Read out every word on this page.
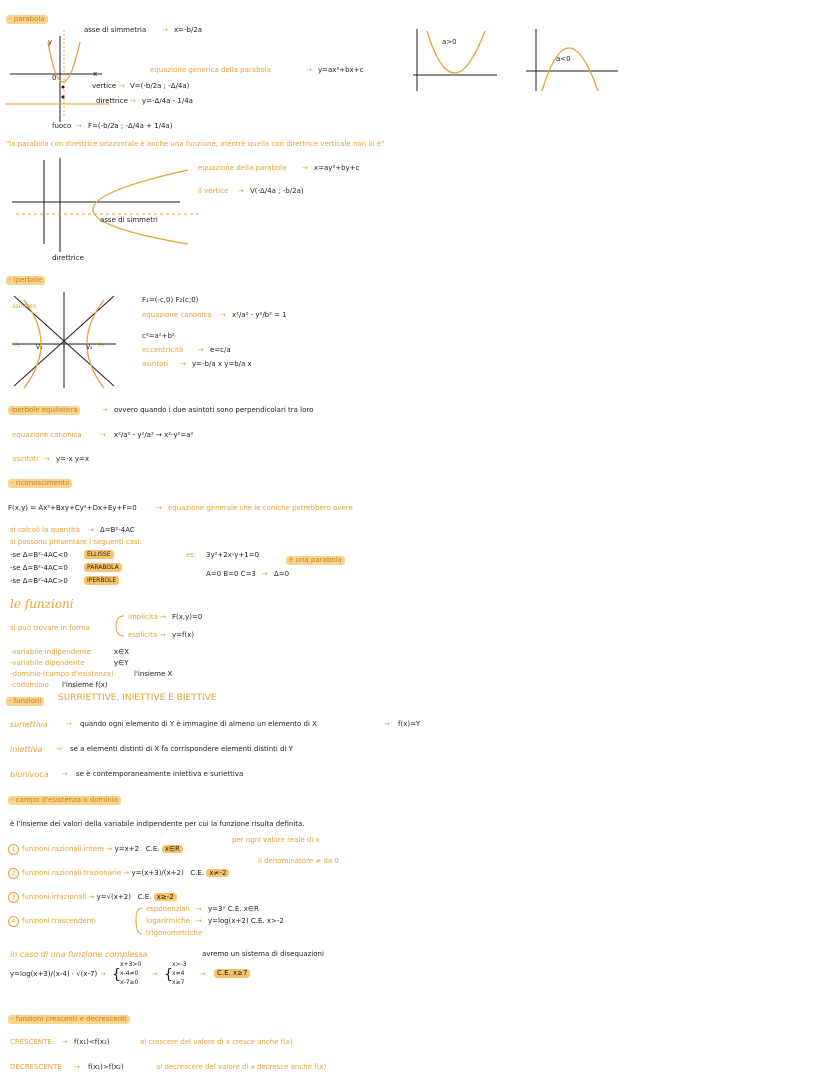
- parabola
y
x
0
asse di simmetria → x=-b/2a
equazione generica della parabola	→ y=ax²+bx+c
vertice → V=(-b/2a ; -Δ/4a)
direttrice → y=-Δ/4a - 1/4a
fuoco → F=(-b/2a ; -Δ/4a + 1/4a)
a>0
a<0
"la parabola con direttrice orizzontale è anche una funzione, mentre quella con direttrice verticale non lo è"
equazione della parabola → x=ay²+by+c
il vertice → V(-Δ/4a ; -b/2a)
asse di simmetri
direttrice
- iperbole
asintoto
V₁	V₂
F₁	F₂
F₁=(-c,0) F₂(c;0)
equazione canonica → x²/a² - y²/b² = 1
c²=a²+b²
eccentricità → e=c/a
asintoti → y=-b/a x y=b/a x
iperbole equilatera	→ ovvero quando i due asintoti sono perpendicolari tra loro
equazione canonica	→ x²/a² - y²/a² → x²-y²=a²
asintoti → y=-x y=x
- riconoscimento
F(x,y) = Ax²+Bxy+Cy²+Dx+Ey+F=0	→ equazione generale che le coniche potrebbero avere
si calcoli la quantità → Δ=B²-4AC
si possono presentare i seguenti casi:
-se Δ=B²-4AC<0	ELLISSE
-se Δ=B²-4AC=0	PARABOLA
-se Δ=B²-4AC>0	IPERBOLE
es: 3y²+2x-y+1=0
è una parabola
A=0 B=0 C=3 → Δ=0
le funzioni
si può trovare in forma
implicita → F(x,y)=0
esplicita → y=f(x)
-variabile indipendente	x∈X
-variabile dipendente	y∈Y
-dominio (campo d'esistenza)	l'insieme X
-codominio l'insieme f(x)
- funzioni	SURRIETTIVE, INIETTIVE E BIETTIVE
suriettiva	→ quando ogni elemento di Y è immagine di almeno un elemento di X	→ f(x)=Y
iniettiva → se a elementi distinti di X fa corrispondere elementi distinti di Y
biunivoca → se è contemporaneamente iniettiva e suriettiva
- campo d'esistenza o dominio
è l'insieme dei valori della variabile indipendente per cui la funzione risulta definita.
per ogni valore reale di x
il denominatore ≠ da 0
1 funzioni razionali intere → y=x+2 C.E. x∈R
2 funzioni razionali frazionarie → y=(x+3)/(x+2) C.E. x≠-2
3 funzioni irrazionali → y=√(x+2) C.E. x≥-2
4 funzioni trascendenti
esponenziali → y=3ˣ C.E. x∈R
logaritmiche → y=log(x+2) C.E. x>-2
trigonometriche
in caso di una funzione complessa	avremo un sistema di disequazioni
y=log(x+3)/(x-4) · √(x-7) → {
x+3>0
x-4≠0
x-7≥0
→ {
x>-3
x≠4
x≥7
→	C.E. x≥7
- funzioni crescenti e decrescenti
CRESCENTE → f(x₁)<f(x₂)	al crescere del valore di x cresce anche f(x)
DECRESCENTE → f(x₁)>f(x₂)	al decrescere del valore di x decresce anche f(x)
